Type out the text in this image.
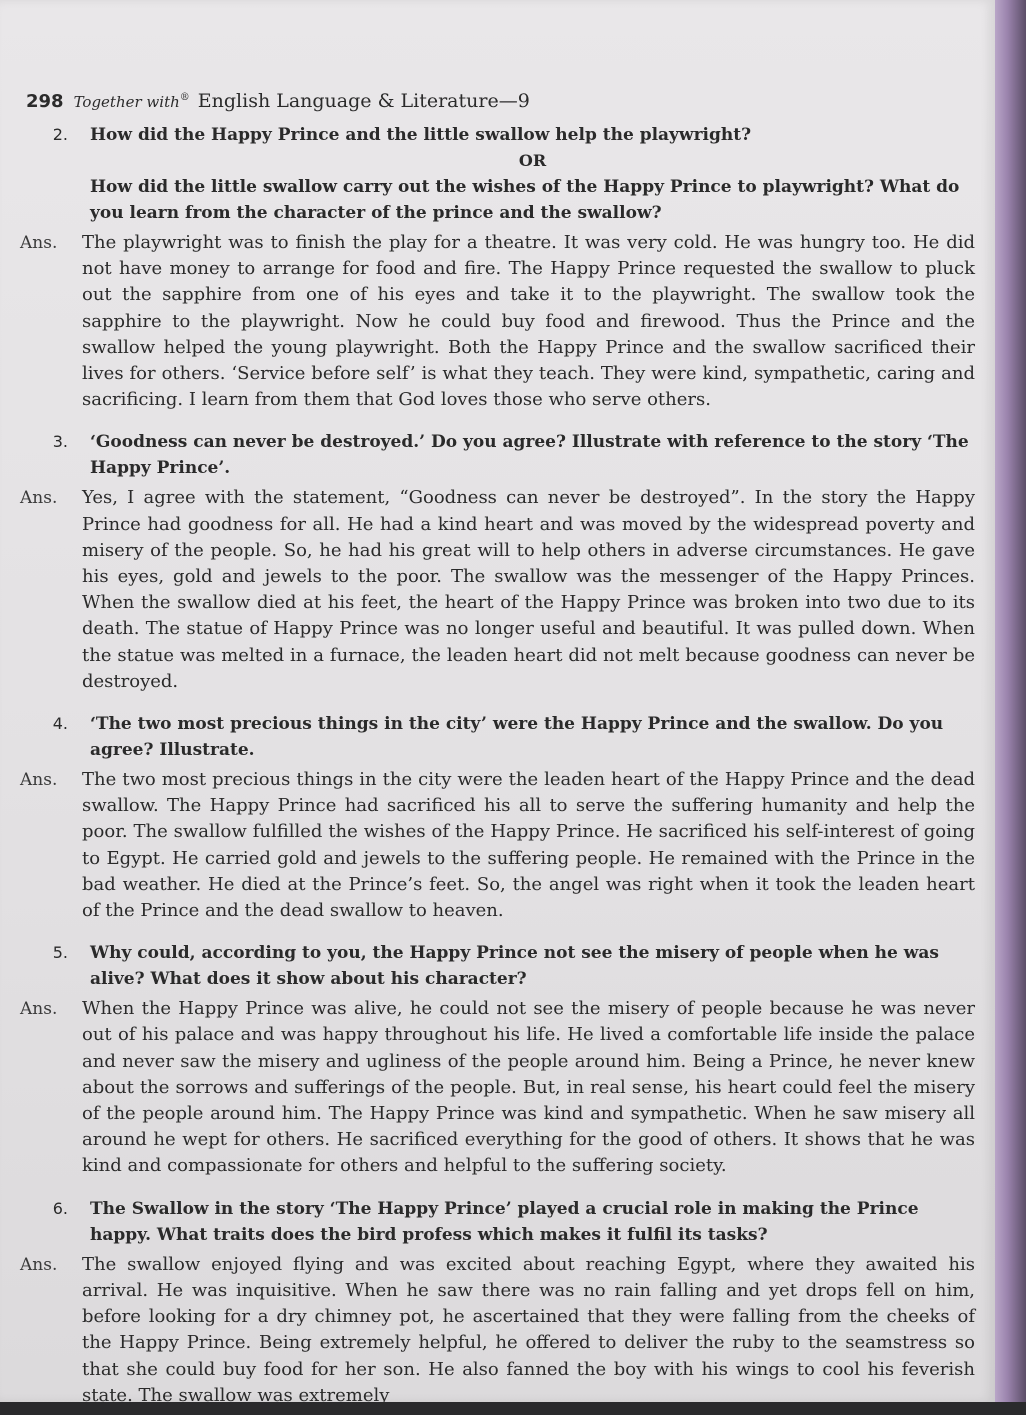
298 Together with® English Language & Literature—9
2.	How did the Happy Prince and the little swallow help the playwright?
OR
How did the little swallow carry out the wishes of the Happy Prince to playwright? What do you learn from the character of the prince and the swallow?
Ans.	The playwright was to finish the play for a theatre. It was very cold. He was hungry too. He did not have money to arrange for food and fire. The Happy Prince requested the swallow to pluck out the sapphire from one of his eyes and take it to the playwright. The swallow took the sapphire to the playwright. Now he could buy food and firewood. Thus the Prince and the swallow helped the young playwright. Both the Happy Prince and the swallow sacrificed their lives for others. ‘Service before self’ is what they teach. They were kind, sympathetic, caring and sacrificing. I learn from them that God loves those who serve others.
3.	‘Goodness can never be destroyed.’ Do you agree? Illustrate with reference to the story ‘The Happy Prince’.
Ans.	Yes, I agree with the statement, “Goodness can never be destroyed”. In the story the Happy Prince had goodness for all. He had a kind heart and was moved by the widespread poverty and misery of the people. So, he had his great will to help others in adverse circumstances. He gave his eyes, gold and jewels to the poor. The swallow was the messenger of the Happy Princes. When the swallow died at his feet, the heart of the Happy Prince was broken into two due to its death. The statue of Happy Prince was no longer useful and beautiful. It was pulled down. When the statue was melted in a furnace, the leaden heart did not melt because goodness can never be destroyed.
4.	‘The two most precious things in the city’ were the Happy Prince and the swallow. Do you agree? Illustrate.
Ans.	The two most precious things in the city were the leaden heart of the Happy Prince and the dead swallow. The Happy Prince had sacrificed his all to serve the suffering humanity and help the poor. The swallow fulfilled the wishes of the Happy Prince. He sacrificed his self-interest of going to Egypt. He carried gold and jewels to the suffering people. He remained with the Prince in the bad weather. He died at the Prince’s feet. So, the angel was right when it took the leaden heart of the Prince and the dead swallow to heaven.
5.	Why could, according to you, the Happy Prince not see the misery of people when he was alive? What does it show about his character?
Ans.	When the Happy Prince was alive, he could not see the misery of people because he was never out of his palace and was happy throughout his life. He lived a comfortable life inside the palace and never saw the misery and ugliness of the people around him. Being a Prince, he never knew about the sorrows and sufferings of the people. But, in real sense, his heart could feel the misery of the people around him. The Happy Prince was kind and sympathetic. When he saw misery all around he wept for others. He sacrificed everything for the good of others. It shows that he was kind and compassionate for others and helpful to the suffering society.
6.	The Swallow in the story ‘The Happy Prince’ played a crucial role in making the Prince happy. What traits does the bird profess which makes it fulfil its tasks?
Ans.	The swallow enjoyed flying and was excited about reaching Egypt, where they awaited his arrival. He was inquisitive. When he saw there was no rain falling and yet drops fell on him, before looking for a dry chimney pot, he ascertained that they were falling from the cheeks of the Happy Prince. Being extremely helpful, he offered to deliver the ruby to the seamstress so that she could buy food for her son. He also fanned the boy with his wings to cool his feverish state. The swallow was extremely
